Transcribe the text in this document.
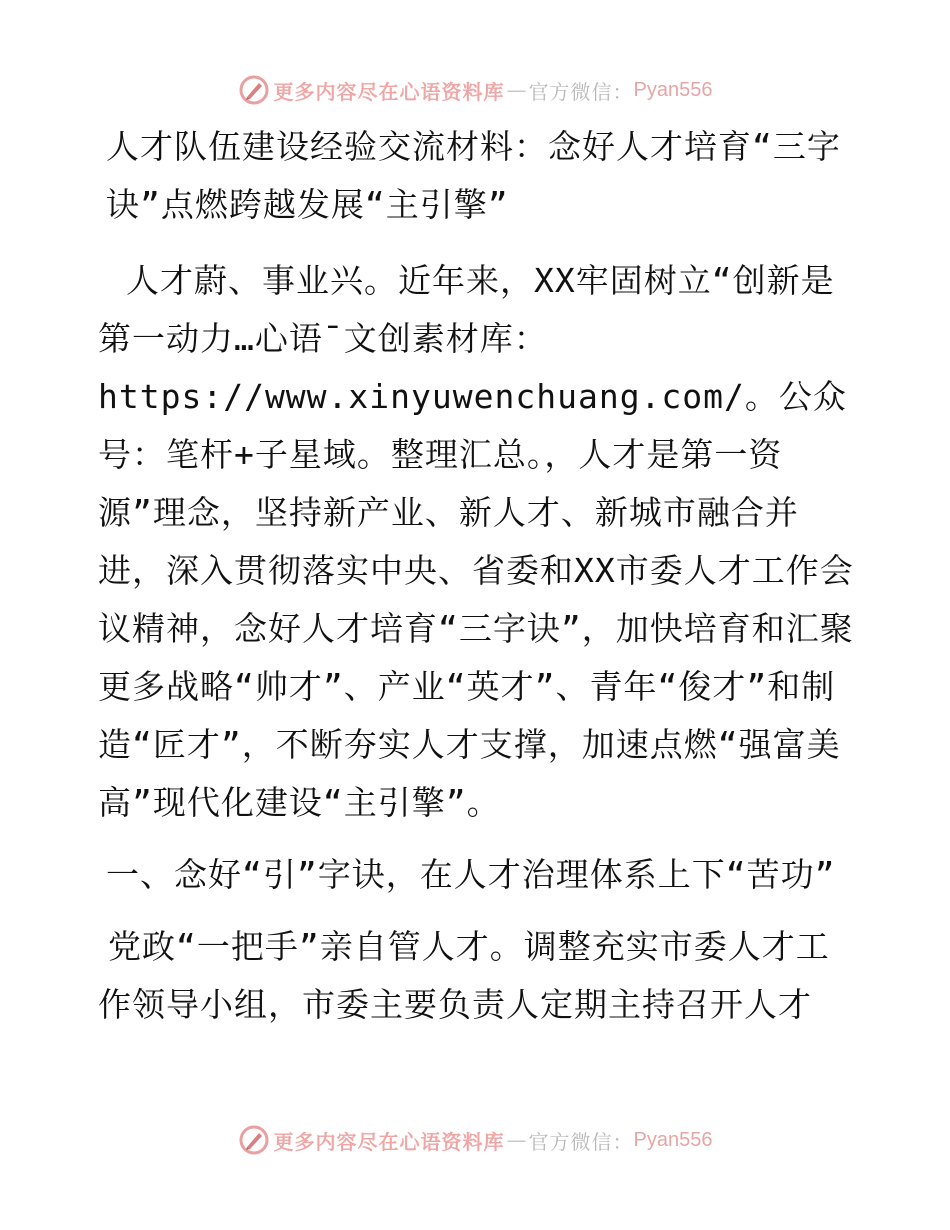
更多内容尽在心语资料库 — 官方微信： Pyan556
人才队伍建设经验交流材料：念好人才培育“三字诀”点燃跨越发展“主引擎”

人才蔚、事业兴。近年来，XX牢固树立“创新是第一动力…心语¯文创素材库：https://www.xinyuwenchuang.com/。公众号：笔杆+子星域。整理汇总。，人才是第一资源”理念，坚持新产业、新人才、新城市融合并进，深入贯彻落实中央、省委和XX市委人才工作会议精神，念好人才培育“三字诀”，加快培育和汇聚更多战略“帅才”、产业“英才”、青年“俊才”和制造“匠才”，不断夯实人才支撑，加速点燃“强富美高”现代化建设“主引擎”。

一、念好“引”字诀，在人才治理体系上下“苦功”

党政“一把手”亲自管人才。调整充实市委人才工作领导小组，市委主要负责人定期主持召开人才

更多内容尽在心语资料库 — 官方微信： Pyan556
